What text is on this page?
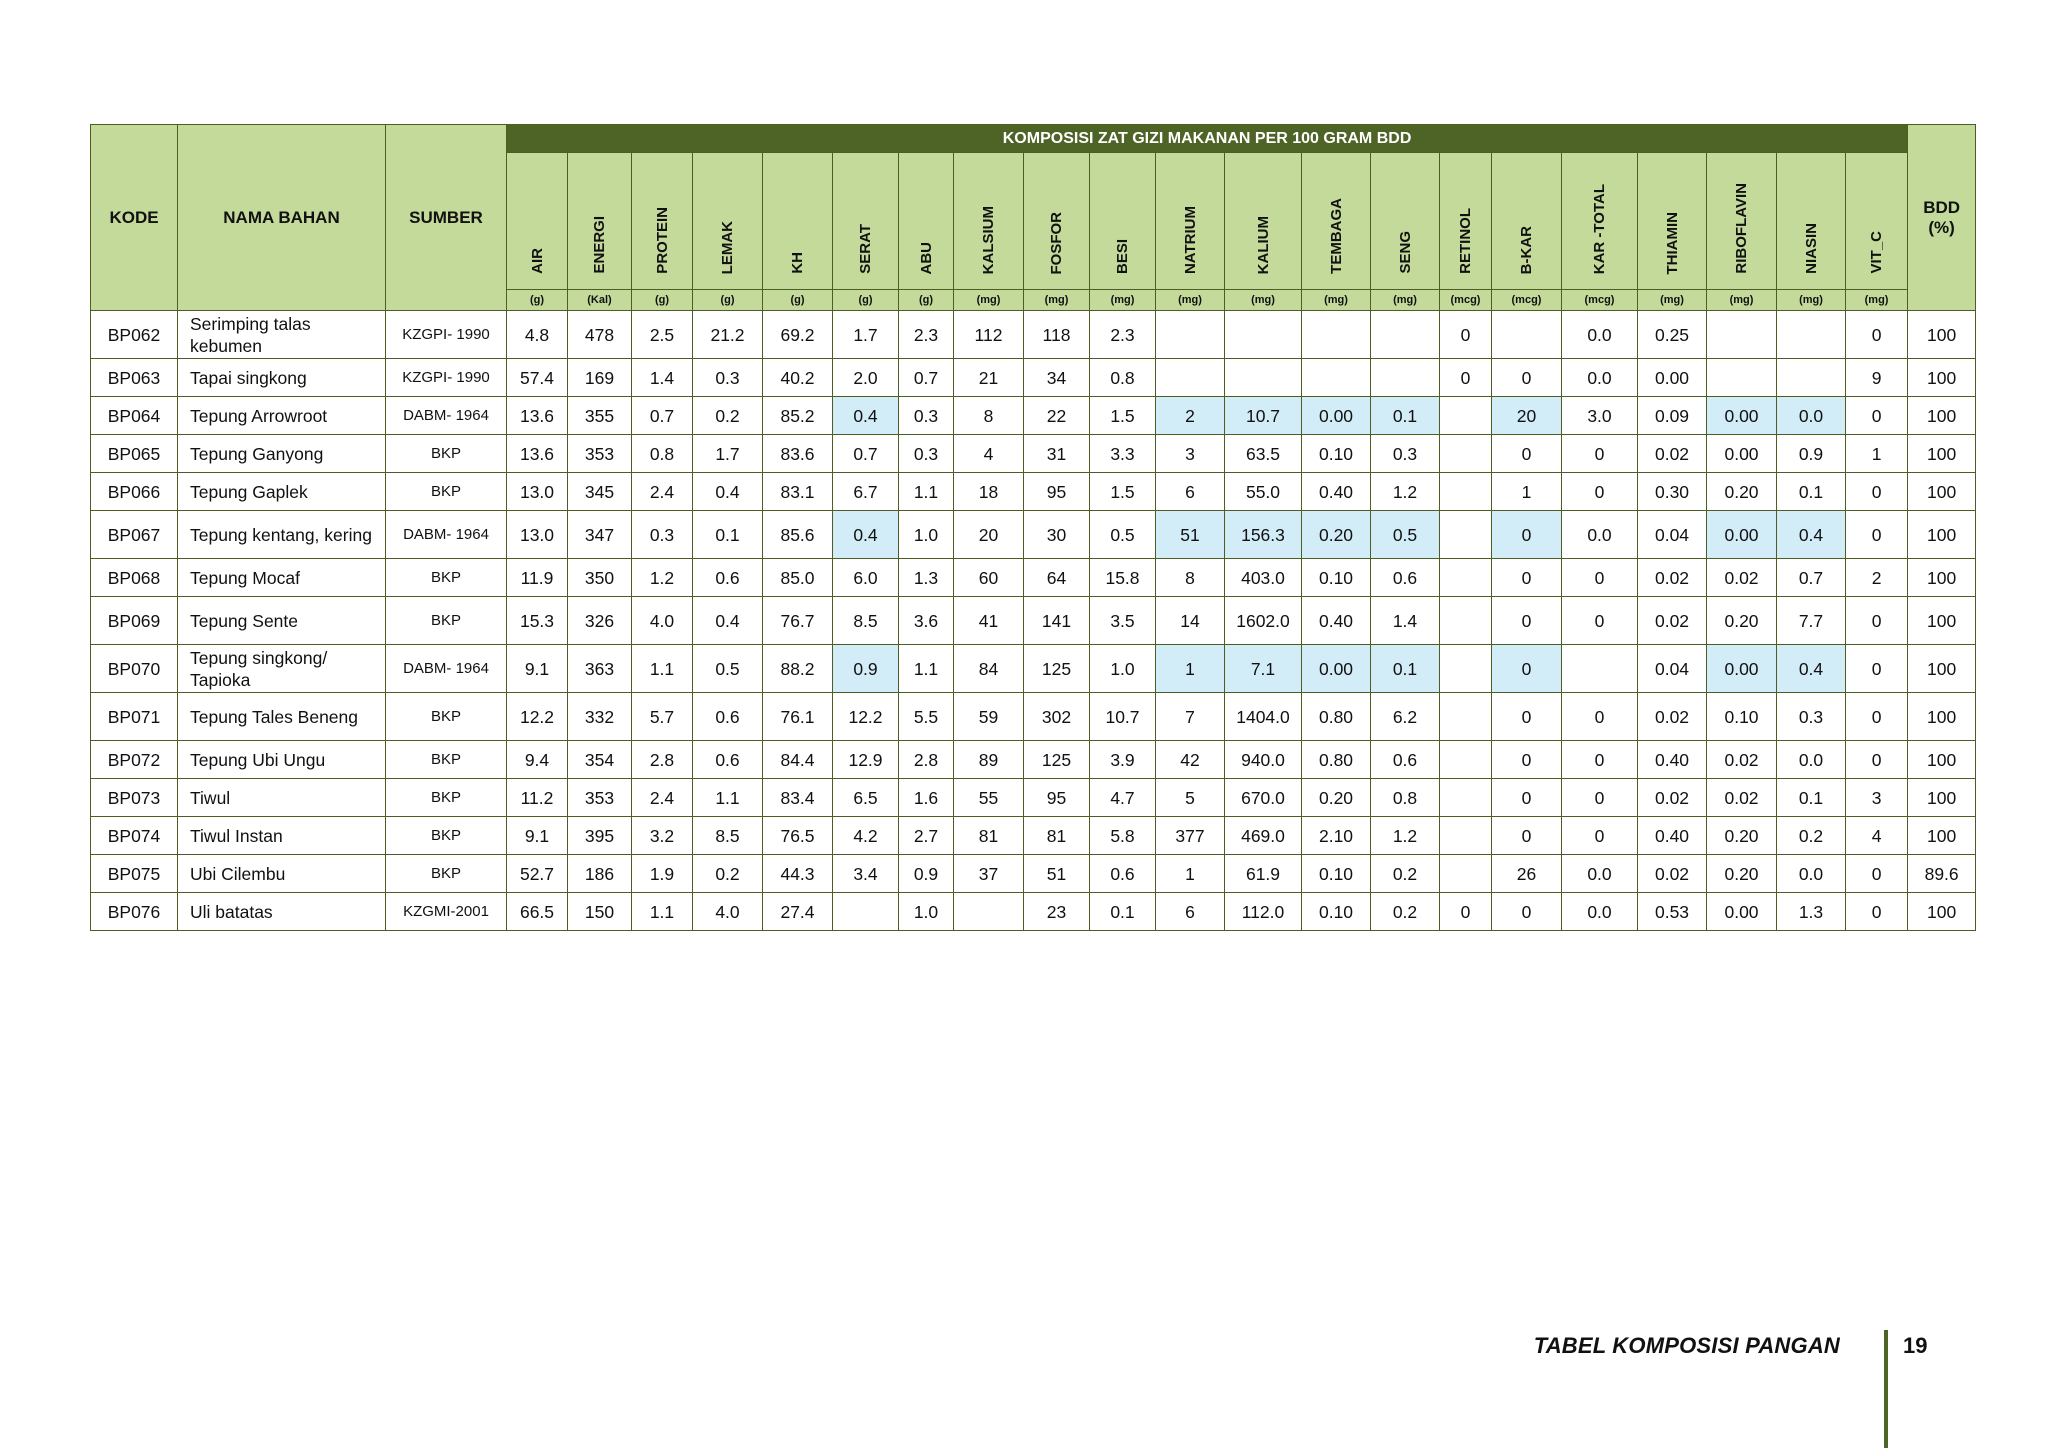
KODE	NAMA BAHAN	SUMBER	KOMPOSISI ZAT GIZI MAKANAN PER 100 GRAM BDD																					BDD
(%)

			AIR	ENERGI	PROTEIN	LEMAK	KH	SERAT	ABU	KALSIUM	FOSFOR	BESI	NATRIUM	KALIUM	TEMBAGA	SENG	RETINOL	B-KAR	KAR -TOTAL	THIAMIN	RIBOFLAVIN	NIASIN	VIT_C	
			(g)	(Kal)	(g)	(g)	(g)	(g)	(g)	(mg)	(mg)	(mg)	(mg)	(mg)	(mg)	(mg)	(mcg)	(mcg)	(mcg)	(mg)	(mg)	(mg)	(mg)	
BP062	Serimping talas kebumen	KZGPI- 1990	4.8	478	2.5	21.2	69.2	1.7	2.3	112	118	2.3					0		0.0	0.25			0	100
BP063	Tapai singkong	KZGPI- 1990	57.4	169	1.4	0.3	40.2	2.0	0.7	21	34	0.8					0	0	0.0	0.00			9	100
BP064	Tepung Arrowroot	DABM- 1964	13.6	355	0.7	0.2	85.2	0.4	0.3	8	22	1.5	2	10.7	0.00	0.1		20	3.0	0.09	0.00	0.0	0	100
BP065	Tepung Ganyong	BKP	13.6	353	0.8	1.7	83.6	0.7	0.3	4	31	3.3	3	63.5	0.10	0.3		0	0	0.02	0.00	0.9	1	100
BP066	Tepung Gaplek	BKP	13.0	345	2.4	0.4	83.1	6.7	1.1	18	95	1.5	6	55.0	0.40	1.2		1	0	0.30	0.20	0.1	0	100
BP067	Tepung kentang, kering	DABM- 1964	13.0	347	0.3	0.1	85.6	0.4	1.0	20	30	0.5	51	156.3	0.20	0.5		0	0.0	0.04	0.00	0.4	0	100
BP068	Tepung Mocaf	BKP	11.9	350	1.2	0.6	85.0	6.0	1.3	60	64	15.8	8	403.0	0.10	0.6		0	0	0.02	0.02	0.7	2	100
BP069	Tepung Sente	BKP	15.3	326	4.0	0.4	76.7	8.5	3.6	41	141	3.5	14	1602.0	0.40	1.4		0	0	0.02	0.20	7.7	0	100
BP070	Tepung singkong/ Tapioka	DABM- 1964	9.1	363	1.1	0.5	88.2	0.9	1.1	84	125	1.0	1	7.1	0.00	0.1		0		0.04	0.00	0.4	0	100
BP071	Tepung Tales Beneng	BKP	12.2	332	5.7	0.6	76.1	12.2	5.5	59	302	10.7	7	1404.0	0.80	6.2		0	0	0.02	0.10	0.3	0	100
BP072	Tepung Ubi Ungu	BKP	9.4	354	2.8	0.6	84.4	12.9	2.8	89	125	3.9	42	940.0	0.80	0.6		0	0	0.40	0.02	0.0	0	100
BP073	Tiwul	BKP	11.2	353	2.4	1.1	83.4	6.5	1.6	55	95	4.7	5	670.0	0.20	0.8		0	0	0.02	0.02	0.1	3	100
BP074	Tiwul Instan	BKP	9.1	395	3.2	8.5	76.5	4.2	2.7	81	81	5.8	377	469.0	2.10	1.2		0	0	0.40	0.20	0.2	4	100
BP075	Ubi Cilembu	BKP	52.7	186	1.9	0.2	44.3	3.4	0.9	37	51	0.6	1	61.9	0.10	0.2		26	0.0	0.02	0.20	0.0	0	89.6
BP076	Uli batatas	KZGMI-2001	66.5	150	1.1	4.0	27.4		1.0		23	0.1	6	112.0	0.10	0.2	0	0	0.0	0.53	0.00	1.3	0	100
TABEL KOMPOSISI PANGAN	19
